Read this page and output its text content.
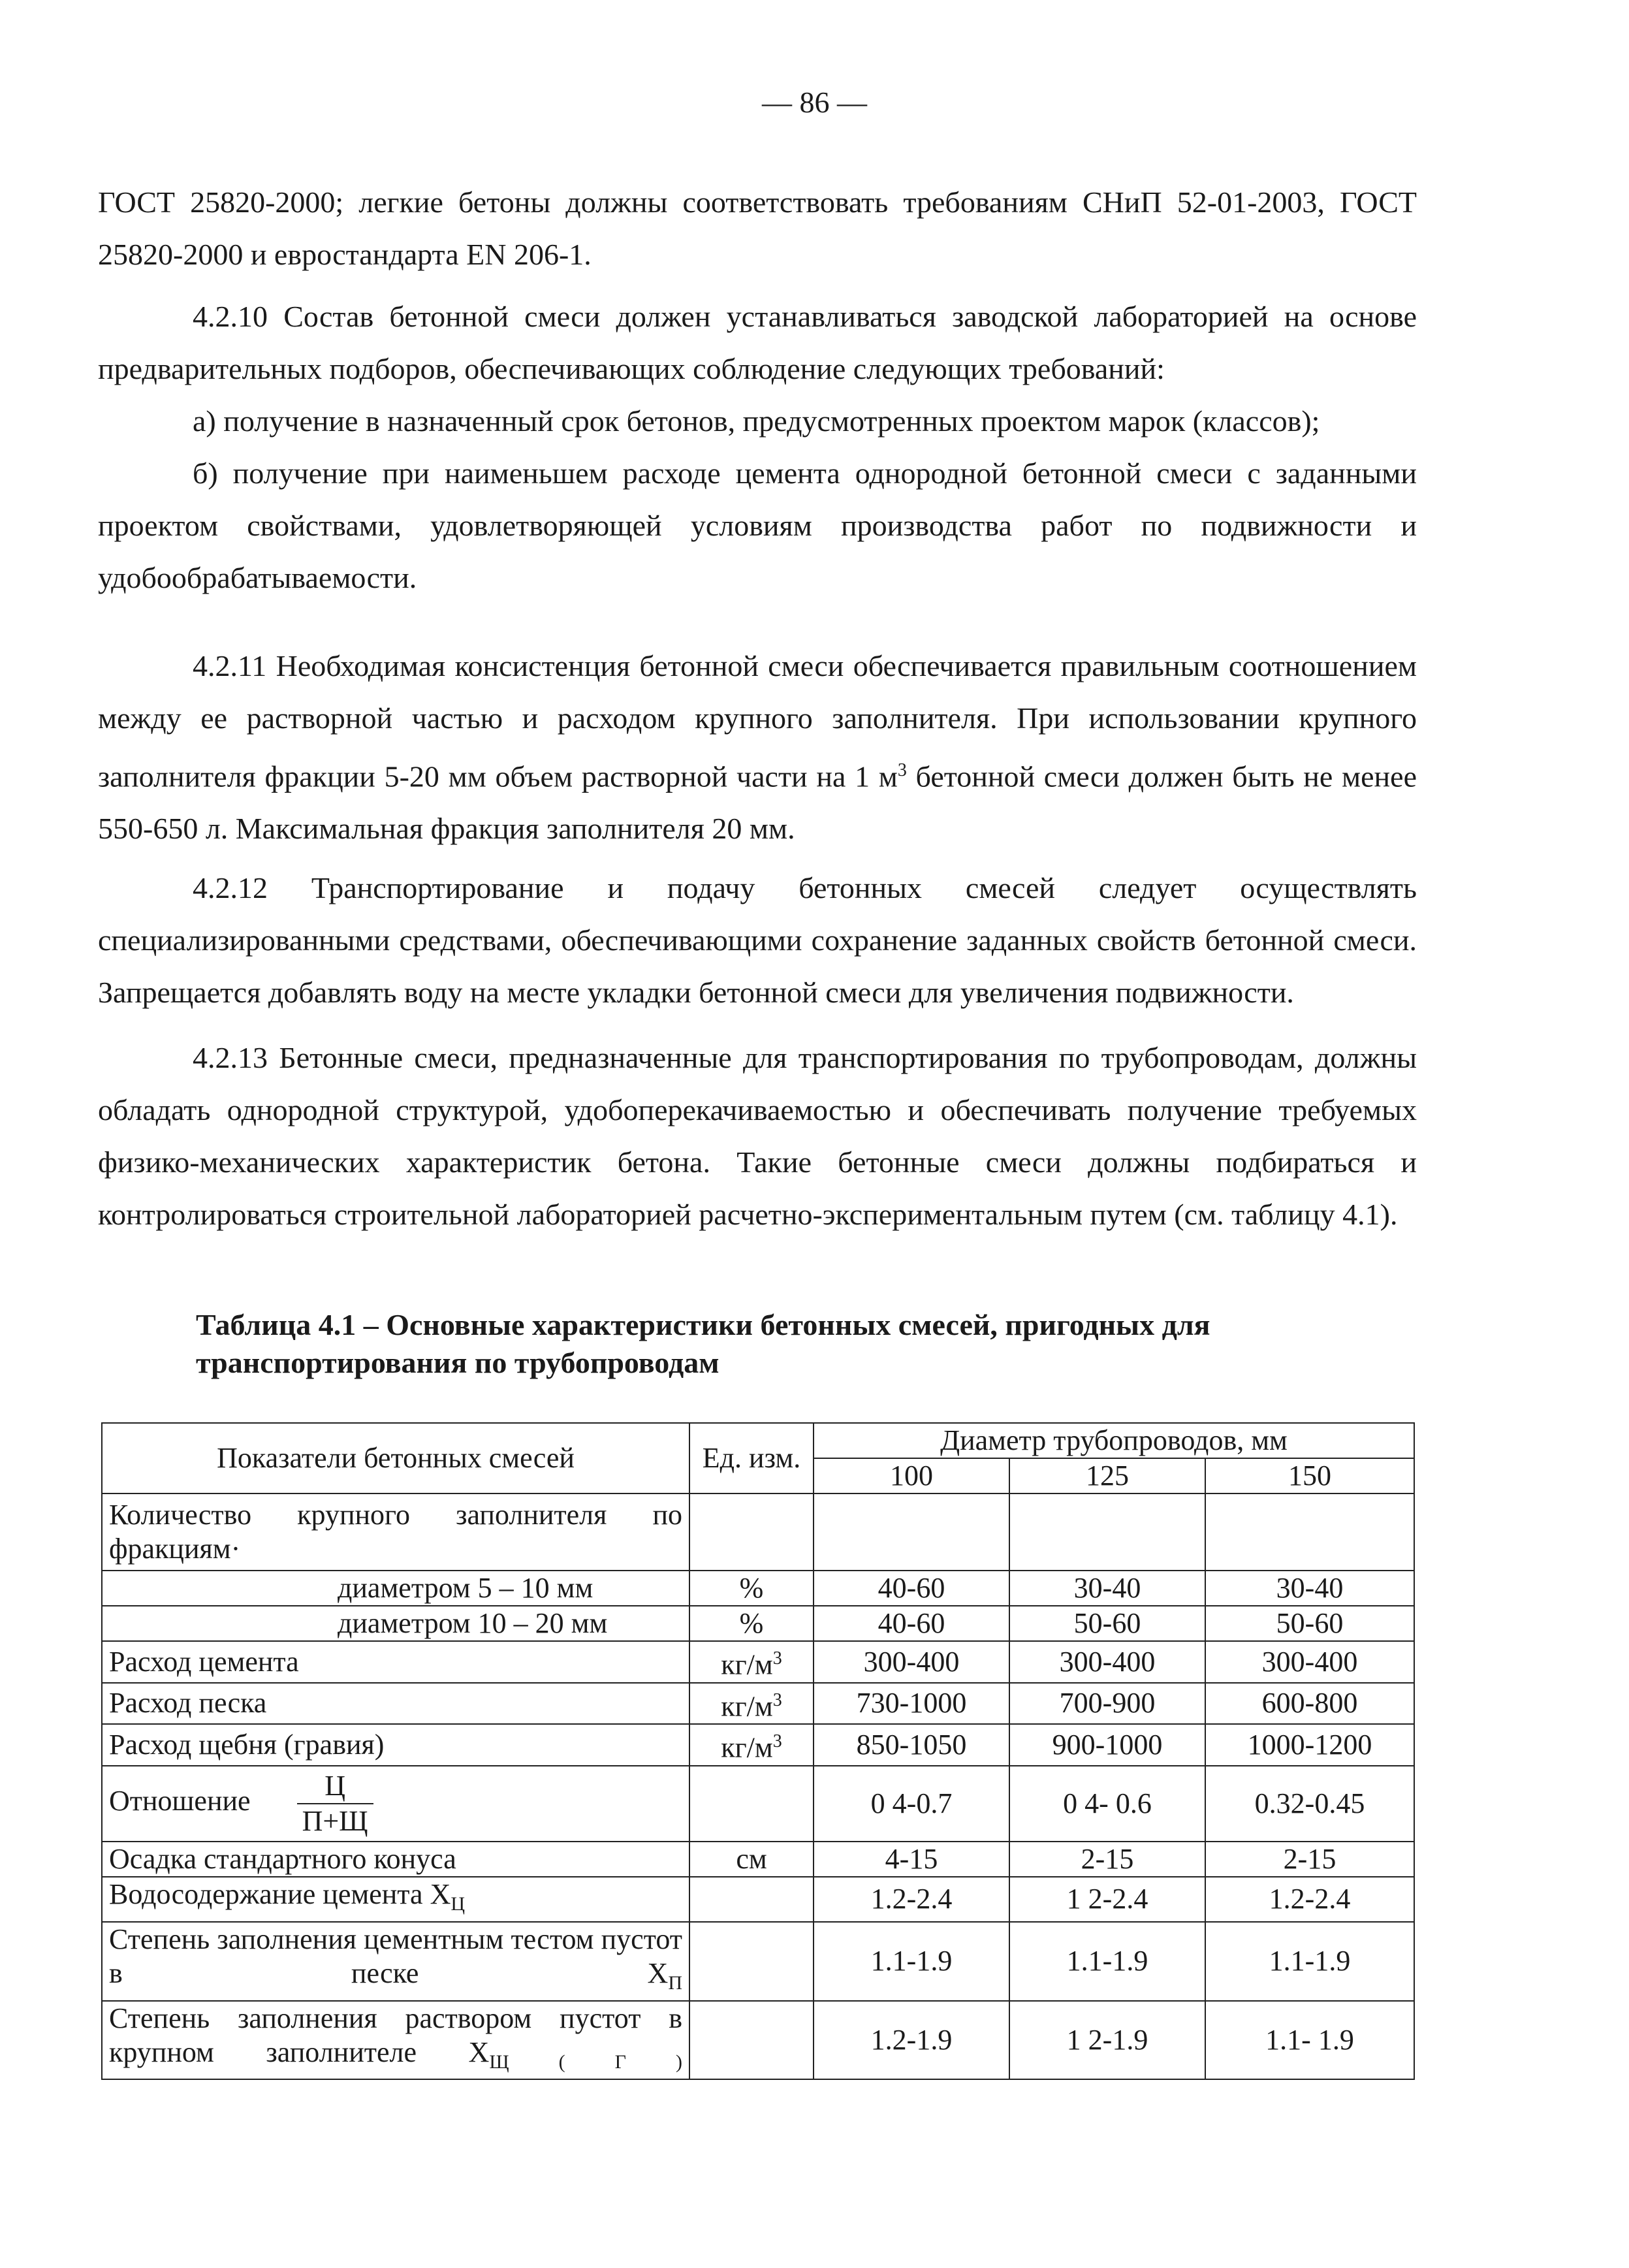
— 86 —

ГОСТ 25820-2000; легкие бетоны должны соответствовать требованиям СНиП 52-01-2003, ГОСТ 25820-2000 и евростандарта EN 206-1.

4.2.10 Состав бетонной смеси должен устанавливаться заводской лабораторией на основе предварительных подборов, обеспечивающих соблюдение следующих требований:

а) получение в назначенный срок бетонов, предусмотренных проектом марок (классов);

б) получение при наименьшем расходе цемента однородной бетонной смеси с заданными проектом свойствами, удовлетворяющей условиям производства работ по подвижности и удобообрабатываемости.

4.2.11 Необходимая консистенция бетонной смеси обеспечивается правильным соотношением между ее растворной частью и расходом крупного заполнителя. При использовании крупного заполнителя фракции 5-20 мм объем растворной части на 1 $м^3$ бетонной смеси должен быть не менее 550-650 л. Максимальная фракция заполнителя 20 мм.

4.2.12 Транспортирование и подачу бетонных смесей следует осуществлять специализированными средствами, обеспечивающими сохранение заданных свойств бетонной смеси. Запрещается добавлять воду на месте укладки бетонной смеси для увеличения подвижности.

4.2.13 Бетонные смеси, предназначенные для транспортирования по трубопроводам, должны обладать однородной структурой, удобоперекачиваемостью и обеспечивать получение требуемых физико-механических характеристик бетона. Такие бетонные смеси должны подбираться и контролироваться строительной лабораторией расчетно-экспериментальным путем (см. таблицу 4.1).

Таблица 4.1 – Основные характеристики бетонных смесей, пригодных для транспортирования по трубопроводам
Показатели бетонных смесей	Ед. изм.	Диаметр трубопроводов, мм		
		100	125	150
Количество крупного заполнителя по фракциям·				
диаметром 5 – 10 мм	%	40-60	30-40	30-40
диаметром 10 – 20 мм	%	40-60	50-60	50-60
Расход цемента	$кг/м^3$	300-400	300-400	300-400
Расход песка	$кг/м^3$	730-1000	700-900	600-800
Расход щебня (гравия)	$кг/м^3$	850-1050	900-1000	1000-1200
Отношение $\frac{Ц}{П+Щ}$		0 4-0.7	0 4- 0.6	0.32-0.45
Осадка стандартного конуса	см	4-15	2-15	2-15
Водосодержание цемента $Х_Ц$		1.2-2.4	1 2-2.4	1.2-2.4
Степень заполнения цементным тестом пустот в песке $Х_П$		1.1-1.9	1.1-1.9	1.1-1.9
Степень заполнения раствором пустот в крупном заполнителе $Х_{Щ ( Г )}$		1.2-1.9	1 2-1.9	1.1- 1.9
